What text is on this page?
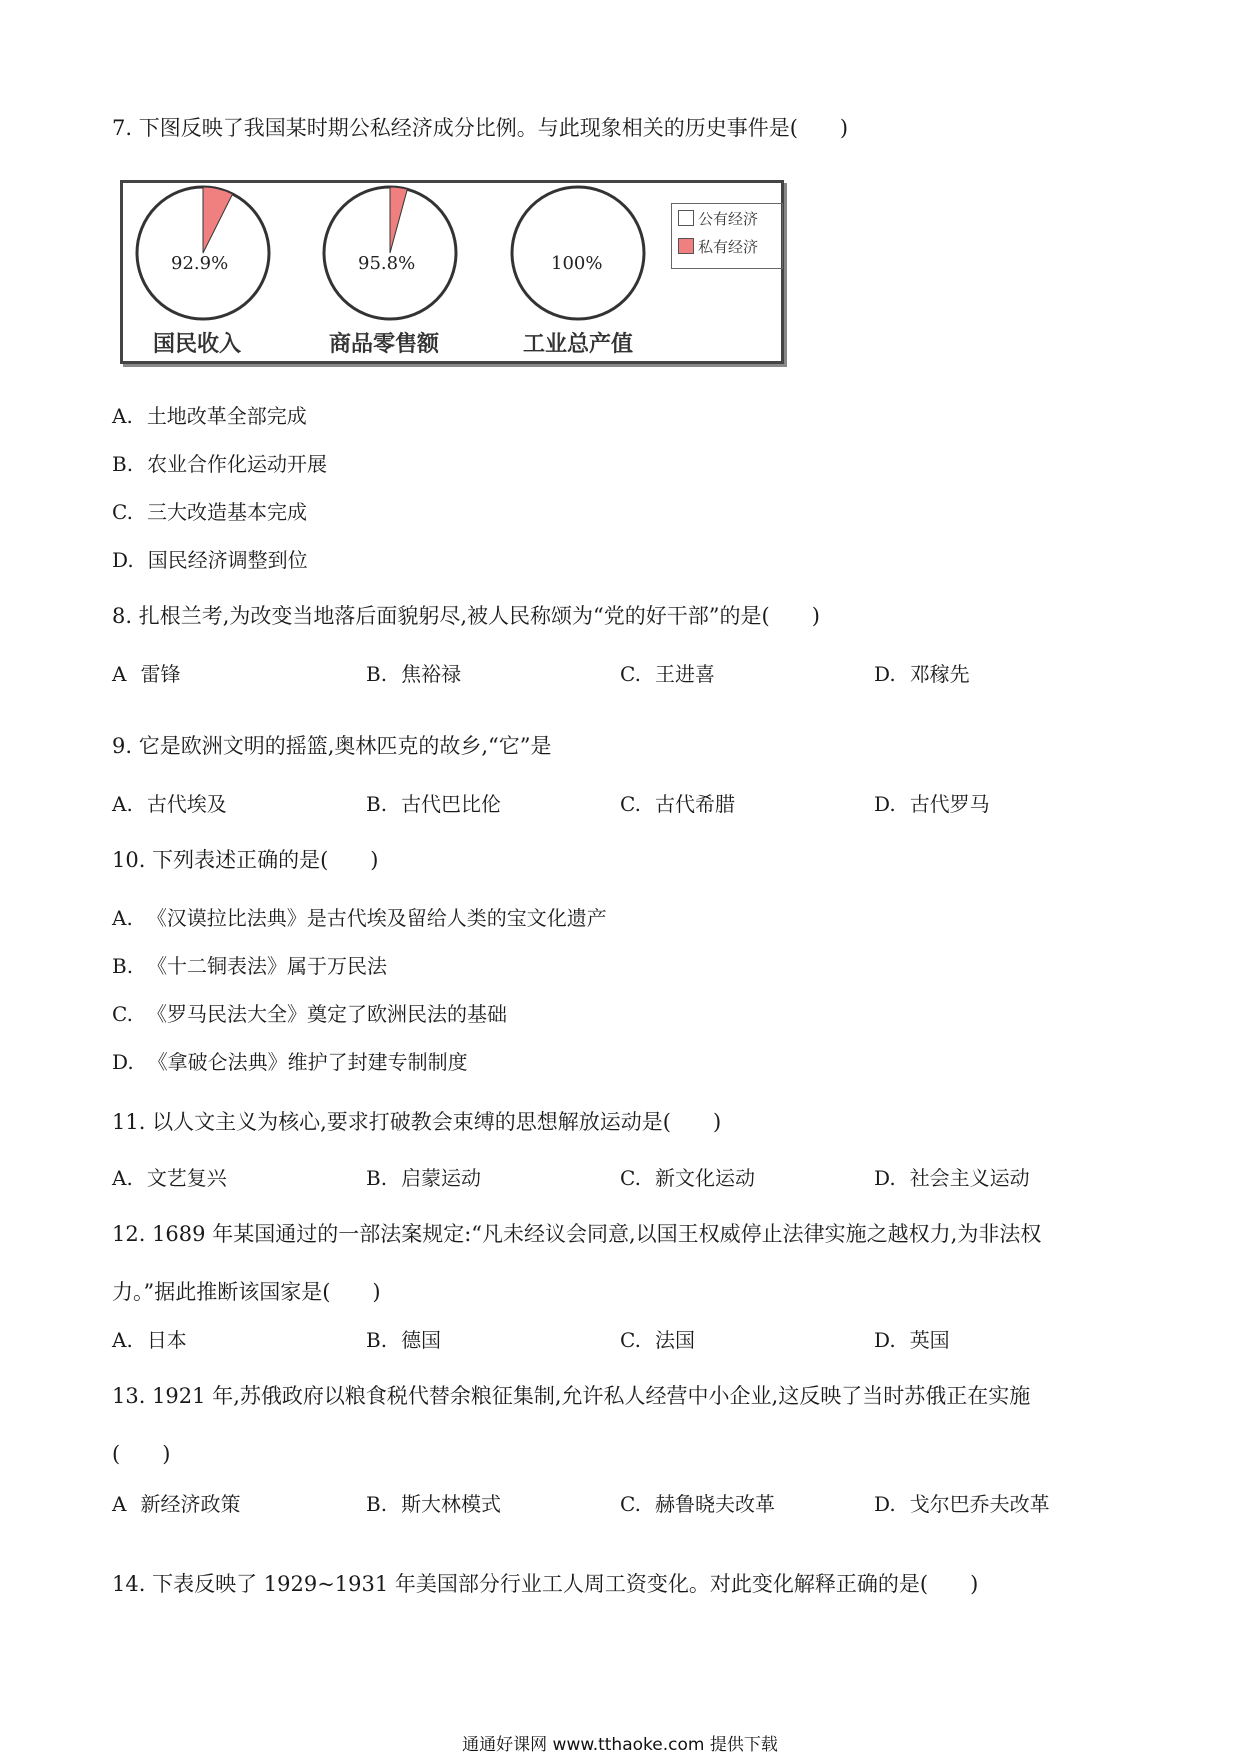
7. 下图反映了我国某时期公私经济成分比例。与此现象相关的历史事件是(　　)
92.9%	95.8%	100%
国民收入	商品零售额	工业总产值
公有经济
私有经济
A. 土地改革全部完成
B. 农业合作化运动开展
C. 三大改造基本完成
D. 国民经济调整到位
8. 扎根兰考,为改变当地落后面貌躬尽,被人民称颂为“党的好干部”的是(　　)
A 雷锋	B. 焦裕禄	C. 王进喜	D. 邓稼先
9. 它是欧洲文明的摇篮,奥林匹克的故乡,“它”是
A. 古代埃及	B. 古代巴比伦	C. 古代希腊	D. 古代罗马
10. 下列表述正确的是(　　)
A. 《汉谟拉比法典》是古代埃及留给人类的宝文化遗产
B. 《十二铜表法》属于万民法
C. 《罗马民法大全》奠定了欧洲民法的基础
D. 《拿破仑法典》维护了封建专制制度
11. 以人文主义为核心,要求打破教会束缚的思想解放运动是(　　)
A. 文艺复兴	B. 启蒙运动	C. 新文化运动	D. 社会主义运动
12. 1689 年某国通过的一部法案规定:“凡未经议会同意,以国王权威停止法律实施之越权力,为非法权
力。”据此推断该国家是(　　)
A. 日本	B. 德国	C. 法国	D. 英国
13. 1921 年,苏俄政府以粮食税代替余粮征集制,允许私人经营中小企业,这反映了当时苏俄正在实施
(　　)
A 新经济政策	B. 斯大林模式	C. 赫鲁晓夫改革	D. 戈尔巴乔夫改革
14. 下表反映了 1929~1931 年美国部分行业工人周工资变化。对此变化解释正确的是(　　)
通通好课网 www.tthaoke.com 提供下载
